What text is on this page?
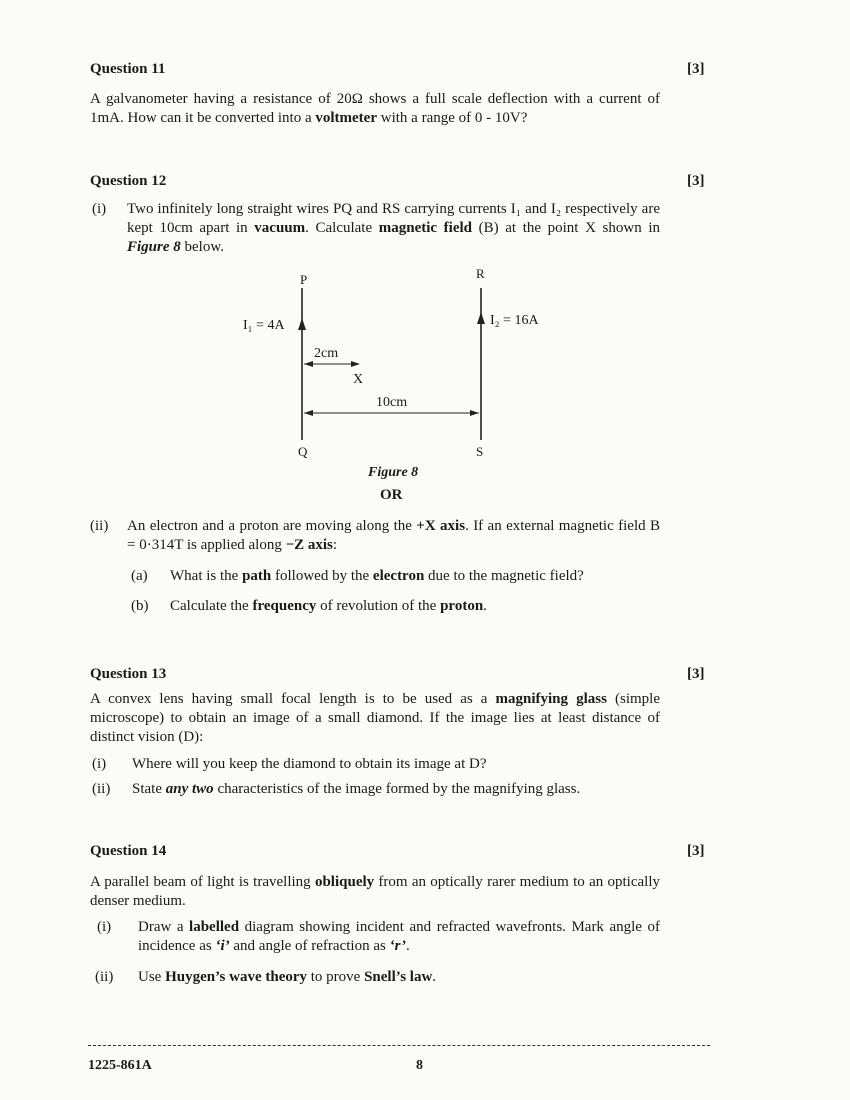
Question 11	[3]
A galvanometer having a resistance of 20Ω shows a full scale deflection with a current of 1mA. How can it be converted into a voltmeter with a range of 0 - 10V?
Question 12	[3]
(i) Two infinitely long straight wires PQ and RS carrying currents I₁ and I₂ respectively are kept 10cm apart in vacuum. Calculate magnetic field (B) at the point X shown in Figure 8 below.
P	R
I₁ = 4A	I₂ = 16A
2cm
X
10cm
Q	S
Figure 8
OR
(ii) An electron and a proton are moving along the +X axis. If an external magnetic field B = 0·314T is applied along −Z axis:
(a) What is the path followed by the electron due to the magnetic field?
(b) Calculate the frequency of revolution of the proton.
Question 13	[3]
A convex lens having small focal length is to be used as a magnifying glass (simple microscope) to obtain an image of a small diamond. If the image lies at least distance of distinct vision (D):
(i) Where will you keep the diamond to obtain its image at D?
(ii) State any two characteristics of the image formed by the magnifying glass.
Question 14	[3]
A parallel beam of light is travelling obliquely from an optically rarer medium to an optically denser medium.
(i) Draw a labelled diagram showing incident and refracted wavefronts. Mark angle of incidence as ‘i’ and angle of refraction as ‘r’.
(ii) Use Huygen’s wave theory to prove Snell’s law.
1225-861A	8
